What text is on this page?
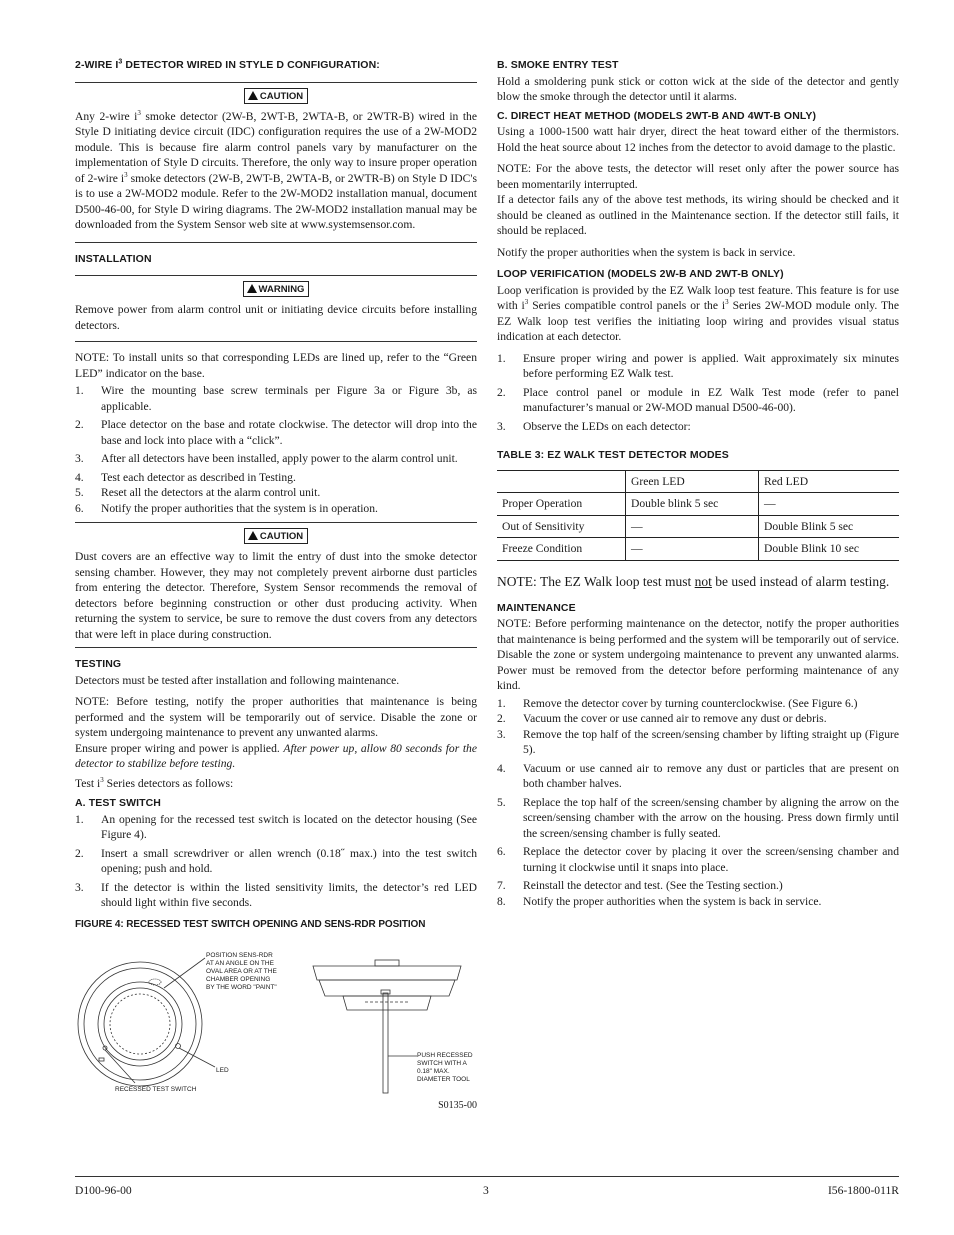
2-WIRE $I^3$ DETECTOR WIRED IN STYLE D CONFIGURATION:
CAUTION

Any 2-wire $i^3$ smoke detector (2W-B, 2WT-B, 2WTA-B, or 2WTR-B) wired in the Style D initiating device circuit (IDC) configuration requires the use of a 2W-MOD2 module. This is because fire alarm control panels vary by manufacturer on the implementation of Style D circuits. Therefore, the only way to insure proper operation of 2-wire $i^3$ smoke detectors (2W-B, 2WT-B, 2WTA-B, or 2WTR-B) on Style D IDC's is to use a 2W-MOD2 module. Refer to the 2W-MOD2 installation manual, document D500-46-00, for Style D wiring diagrams. The 2W-MOD2 installation manual may be downloaded from the System Sensor web site at www.systemsensor.com.

INSTALLATION
WARNING

Remove power from alarm control unit or initiating device circuits before installing detectors.

NOTE: To install units so that corresponding LEDs are lined up, refer to the “Green LED” indicator on the base.

1. Wire the mounting base screw terminals per Figure 3a or Figure 3b, as applicable.
2. Place detector on the base and rotate clockwise. The detector will drop into the base and lock into place with a “click”.
3. After all detectors have been installed, apply power to the alarm control unit.
4. Test each detector as described in Testing.
5. Reset all the detectors at the alarm control unit.
6. Notify the proper authorities that the system is in operation.
CAUTION

Dust covers are an effective way to limit the entry of dust into the smoke detector sensing chamber. However, they may not completely prevent airborne dust particles from entering the detector. Therefore, System Sensor recommends the removal of detectors before beginning construction or other dust producing activity. When returning the system to service, be sure to remove the dust covers from any detectors that were left in place during construction.

TESTING

Detectors must be tested after installation and following maintenance.

NOTE: Before testing, notify the proper authorities that maintenance is being performed and the system will be temporarily out of service. Disable the zone or system undergoing maintenance to prevent any unwanted alarms.
Ensure proper wiring and power is applied. After power up, allow 80 seconds for the detector to stabilize before testing.

Test $i^3$ Series detectors as follows:

A. TEST SWITCH
1. An opening for the recessed test switch is located on the detector housing (See Figure 4).
2. Insert a small screwdriver or allen wrench (0.18˝ max.) into the test switch opening; push and hold.
3. If the detector is within the listed sensitivity limits, the detector’s red LED should light within five seconds.
FIGURE 4: RECESSED TEST SWITCH OPENING AND SENS-RDR POSITION
POSITION SENS-RDR
AT AN ANGLE ON THE
OVAL AREA OR AT THE
CHAMBER OPENING
BY THE WORD "PAINT"
LED
RECESSED TEST SWITCH
PUSH RECESSED
SWITCH WITH A
0.18" MAX.
DIAMETER TOOL
S0135-00
B. SMOKE ENTRY TEST

Hold a smoldering punk stick or cotton wick at the side of the detector and gently blow the smoke through the detector until it alarms.

C. DIRECT HEAT METHOD (MODELS 2WT-B AND 4WT-B ONLY)

Using a 1000-1500 watt hair dryer, direct the heat toward either of the thermistors. Hold the heat source about 12 inches from the detector to avoid damage to the plastic.

NOTE: For the above tests, the detector will reset only after the power source has been momentarily interrupted.
If a detector fails any of the above test methods, its wiring should be checked and it should be cleaned as outlined in the Maintenance section. If the detector still fails, it should be replaced.

Notify the proper authorities when the system is back in service.

LOOP VERIFICATION (MODELS 2W-B AND 2WT-B ONLY)

Loop verification is provided by the EZ Walk loop test feature. This feature is for use with $i^3$ Series compatible control panels or the $i^3$ Series 2W-MOD module only. The EZ Walk loop test verifies the initiating loop wiring and provides visual status indication at each detector.

1. Ensure proper wiring and power is applied. Wait approximately six minutes before performing EZ Walk test.
2. Place control panel or module in EZ Walk Test mode (refer to panel manufacturer’s manual or 2W-MOD manual D500-46-00).
3. Observe the LEDs on each detector:
TABLE 3: EZ WALK TEST DETECTOR MODES
	Green LED	Red LED
Proper Operation	Double blink 5 sec	—
Out of Sensitivity	—	Double Blink 5 sec
Freeze Condition	—	Double Blink 10 sec
NOTE: The EZ Walk loop test must not be used instead of alarm testing.
MAINTENANCE

NOTE: Before performing maintenance on the detector, notify the proper authorities that maintenance is being performed and the system will be temporarily out of service. Disable the zone or system undergoing maintenance to prevent any unwanted alarms. Power must be removed from the detector before performing maintenance of any kind.

1. Remove the detector cover by turning counterclockwise. (See Figure 6.)
2. Vacuum the cover or use canned air to remove any dust or debris.
3. Remove the top half of the screen/sensing chamber by lifting straight up (Figure 5).
4. Vacuum or use canned air to remove any dust or particles that are present on both chamber halves.
5. Replace the top half of the screen/sensing chamber by aligning the arrow on the screen/sensing chamber with the arrow on the housing. Press down firmly until the screen/sensing chamber is fully seated.
6. Replace the detector cover by placing it over the screen/sensing chamber and turning it clockwise until it snaps into place.
7. Reinstall the detector and test. (See the Testing section.)
8. Notify the proper authorities when the system is back in service.
D100-96-00	3	I56-1800-011R
